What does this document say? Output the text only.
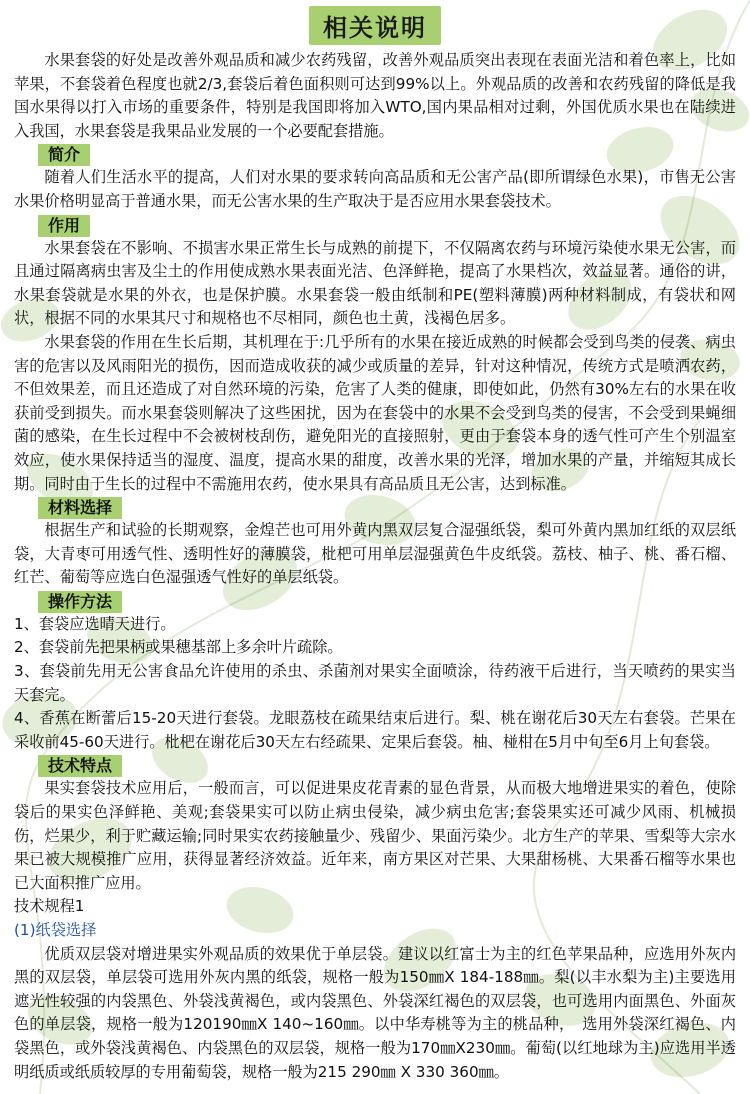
相关说明

水果套袋的好处是改善外观品质和减少农药残留，改善外观品质突出表现在表面光洁和着色率上，比如苹果，不套袋着色程度也就2/3,套袋后着色面积则可达到99%以上。外观品质的改善和农药残留的降低是我国水果得以打入市场的重要条件，特别是我国即将加入WTO,国内果品相对过剩，外国优质水果也在陆续进入我国，水果套袋是我果品业发展的一个必要配套措施。

简介

随着人们生活水平的提高，人们对水果的要求转向高品质和无公害产品(即所谓绿色水果)，市售无公害水果价格明显高于普通水果，而无公害水果的生产取决于是否应用水果套袋技术。

作用

水果套袋在不影响、不损害水果正常生长与成熟的前提下，不仅隔离农药与环境污染使水果无公害，而且通过隔离病虫害及尘土的作用使成熟水果表面光洁、色泽鲜艳，提高了水果档次，效益显著。通俗的讲，水果套袋就是水果的外衣，也是保护膜。水果套袋一般由纸制和PE(塑料薄膜)两种材料制成，有袋状和网状，根据不同的水果其尺寸和规格也不尽相同，颜色也土黄，浅褐色居多。

水果套袋的作用在生长后期，其机理在于:几乎所有的水果在接近成熟的时候都会受到鸟类的侵袭、病虫害的危害以及风雨阳光的损伤，因而造成收获的减少或质量的差异，针对这种情况，传统方式是喷洒农药，不但效果差，而且还造成了对自然环境的污染，危害了人类的健康，即使如此，仍然有30%左右的水果在收获前受到损失。而水果套袋则解决了这些困扰，因为在套袋中的水果不会受到鸟类的侵害，不会受到果蝇细菌的感染，在生长过程中不会被树枝刮伤，避免阳光的直接照射，更由于套袋本身的透气性可产生个别温室效应，使水果保持适当的湿度、温度，提高水果的甜度，改善水果的光泽，增加水果的产量，并缩短其成长期。同时由于生长的过程中不需施用农药，使水果具有高品质且无公害，达到标准。

材料选择

根据生产和试验的长期观察，金煌芒也可用外黄内黑双层复合湿强纸袋，梨可外黄内黑加红纸的双层纸袋，大青枣可用透气性、透明性好的薄膜袋，枇杷可用单层湿强黄色牛皮纸袋。荔枝、柚子、桃、番石榴、红芒、葡萄等应选白色湿强透气性好的单层纸袋。

操作方法

1、套袋应选晴天进行。

2、套袋前先把果柄或果穗基部上多余叶片疏除。

3、套袋前先用无公害食品允许使用的杀虫、杀菌剂对果实全面喷涂，待药液干后进行，当天喷药的果实当天套完。

4、香蕉在断蕾后15-20天进行套袋。龙眼荔枝在疏果结束后进行。梨、桃在谢花后30天左右套袋。芒果在采收前45-60天进行。枇杷在谢花后30天左右经疏果、定果后套袋。柚、椪柑在5月中旬至6月上旬套袋。

技术特点

果实套袋技术应用后，一般而言，可以促进果皮花青素的显色背景，从而极大地增进果实的着色，使除袋后的果实色泽鲜艳、美观;套袋果实可以防止病虫侵染，减少病虫危害;套袋果实还可减少风雨、机械损伤，烂果少，利于贮藏运输;同时果实农药接触量少、残留少、果面污染少。北方生产的苹果、雪梨等大宗水果已被大规模推广应用，获得显著经济效益。近年来，南方果区对芒果、大果甜杨桃、大果番石榴等水果也已大面积推广应用。

技术规程1
(1)纸袋选择

优质双层袋对增进果实外观品质的效果优于单层袋。建议以红富士为主的红色苹果品种，应选用外灰内黑的双层袋，单层袋可选用外灰内黑的纸袋，规格一般为150㎜X 184-188㎜。梨(以丰水梨为主)主要选用遮光性较强的内袋黑色、外袋浅黄褐色，或内袋黑色、外袋深红褐色的双层袋，也可选用内面黑色、外面灰色的单层袋，规格一般为120190㎜X 140~160㎜。以中华寿桃等为主的桃品种，　选用外袋深红褐色、内袋黑色，或外袋浅黄褐色、内袋黑色的双层袋，规格一般为170㎜X230㎜。葡萄(以红地球为主)应选用半透明纸质或纸质较厚的专用葡萄袋，规格一般为215 290㎜ X 330 360㎜。
